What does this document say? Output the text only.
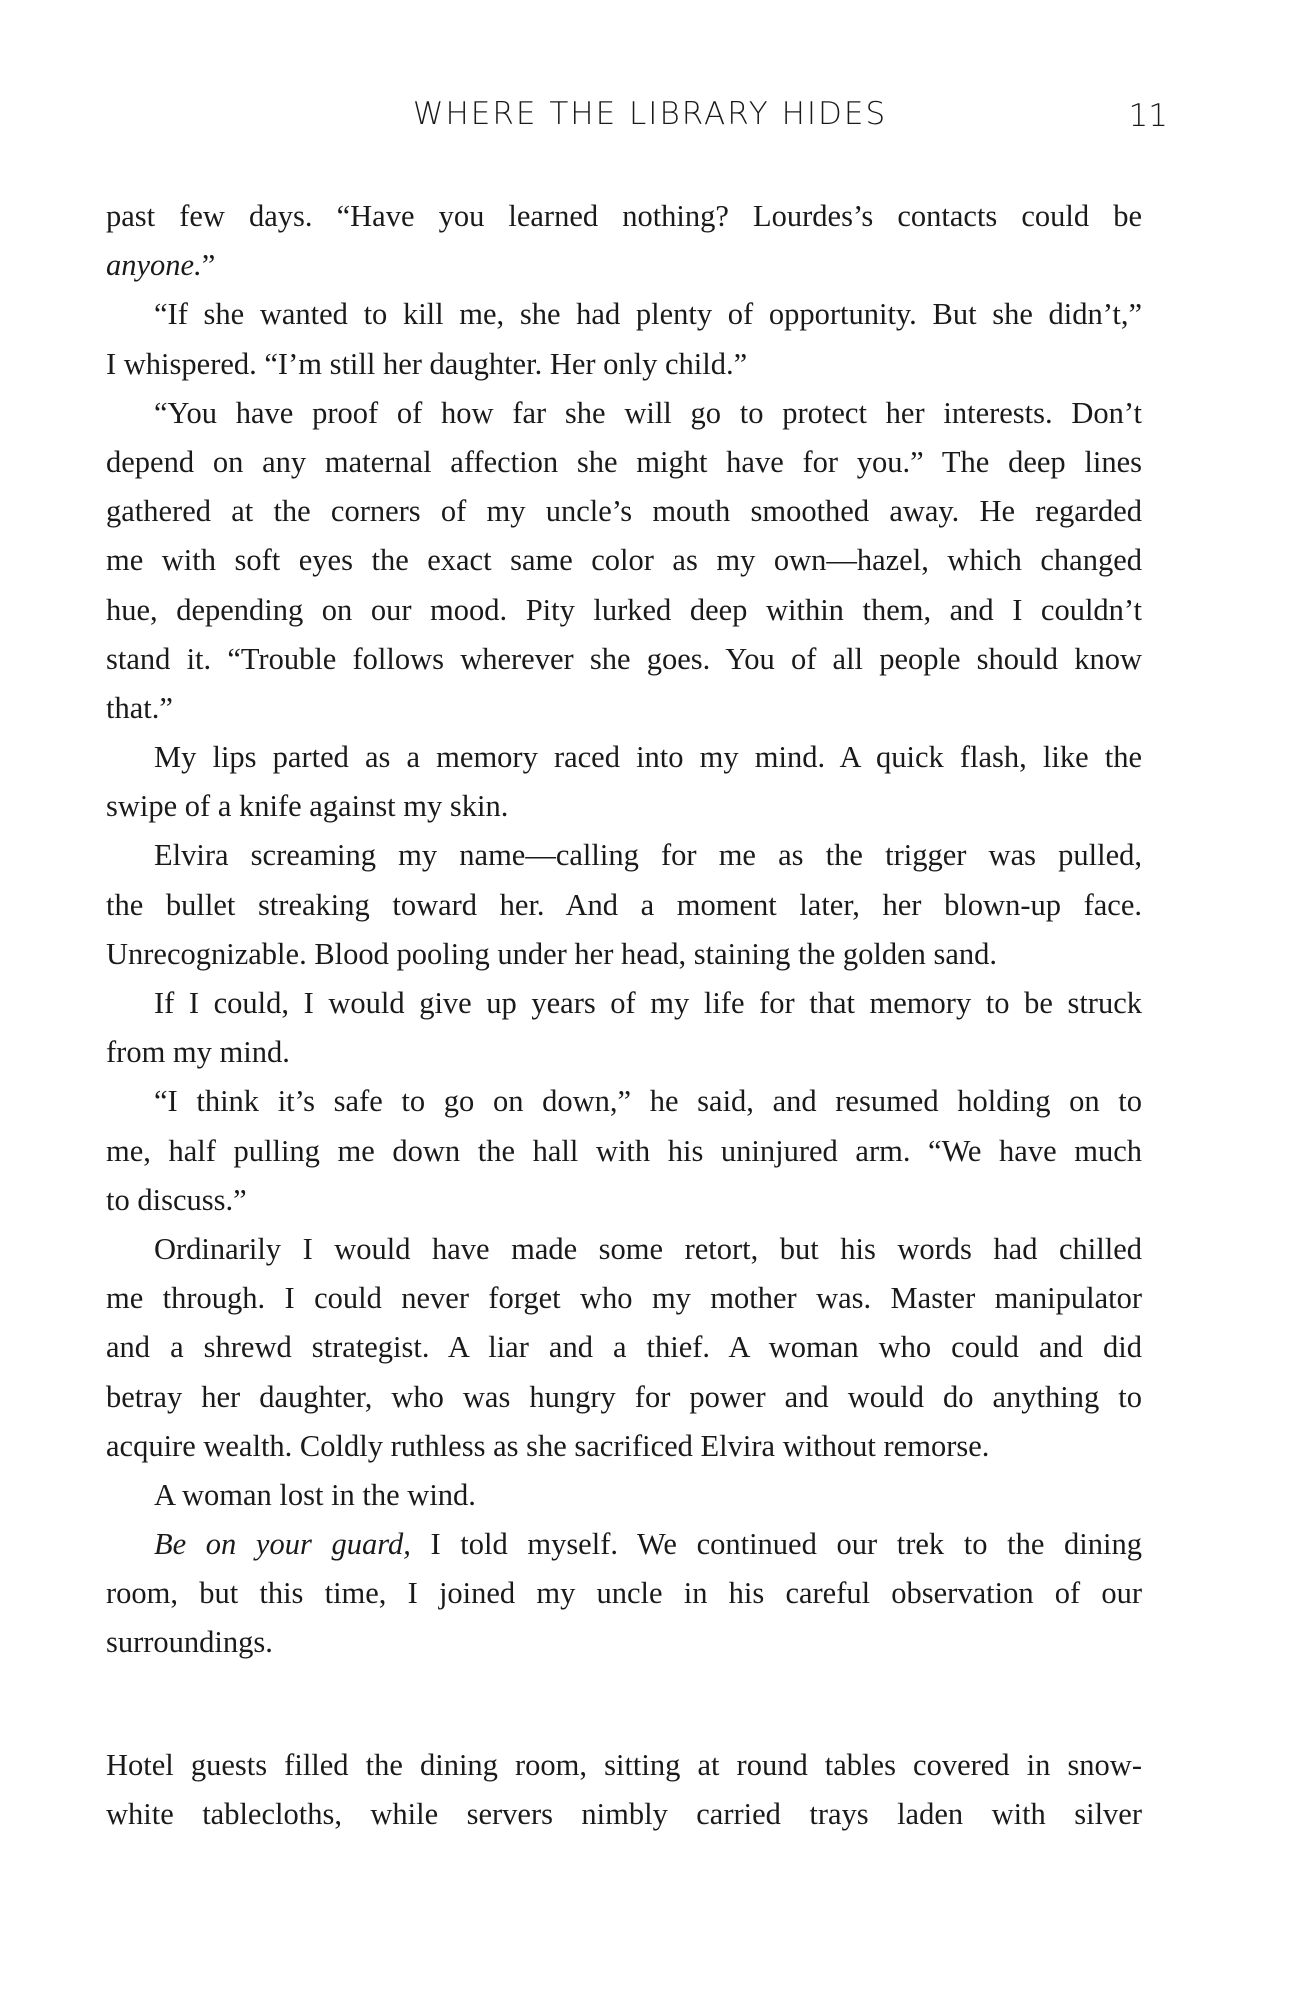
WHERE THE LIBRARY HIDES	11
past few days. “Have you learned nothing? Lourdes’s contacts could be
anyone.”
“If she wanted to kill me, she had plenty of opportunity. But she didn’t,”
I whispered. “I’m still her daughter. Her only child.”
“You have proof of how far she will go to protect her interests. Don’t
depend on any maternal affection she might have for you.” The deep lines
gathered at the corners of my uncle’s mouth smoothed away. He regarded
me with soft eyes the exact same color as my own—hazel, which changed
hue, depending on our mood. Pity lurked deep within them, and I couldn’t
stand it. “Trouble follows wherever she goes. You of all people should know
that.”
My lips parted as a memory raced into my mind. A quick flash, like the
swipe of a knife against my skin.
Elvira screaming my name—calling for me as the trigger was pulled,
the bullet streaking toward her. And a moment later, her blown-up face.
Unrecognizable. Blood pooling under her head, staining the golden sand.
If I could, I would give up years of my life for that memory to be struck
from my mind.
“I think it’s safe to go on down,” he said, and resumed holding on to
me, half pulling me down the hall with his uninjured arm. “We have much
to discuss.”
Ordinarily I would have made some retort, but his words had chilled
me through. I could never forget who my mother was. Master manipulator
and a shrewd strategist. A liar and a thief. A woman who could and did
betray her daughter, who was hungry for power and would do anything to
acquire wealth. Coldly ruthless as she sacrificed Elvira without remorse.
A woman lost in the wind.
Be on your guard, I told myself. We continued our trek to the dining
room, but this time, I joined my uncle in his careful observation of our
surroundings.
Hotel guests filled the dining room, sitting at round tables covered in snow-
white tablecloths, while servers nimbly carried trays laden with silver
